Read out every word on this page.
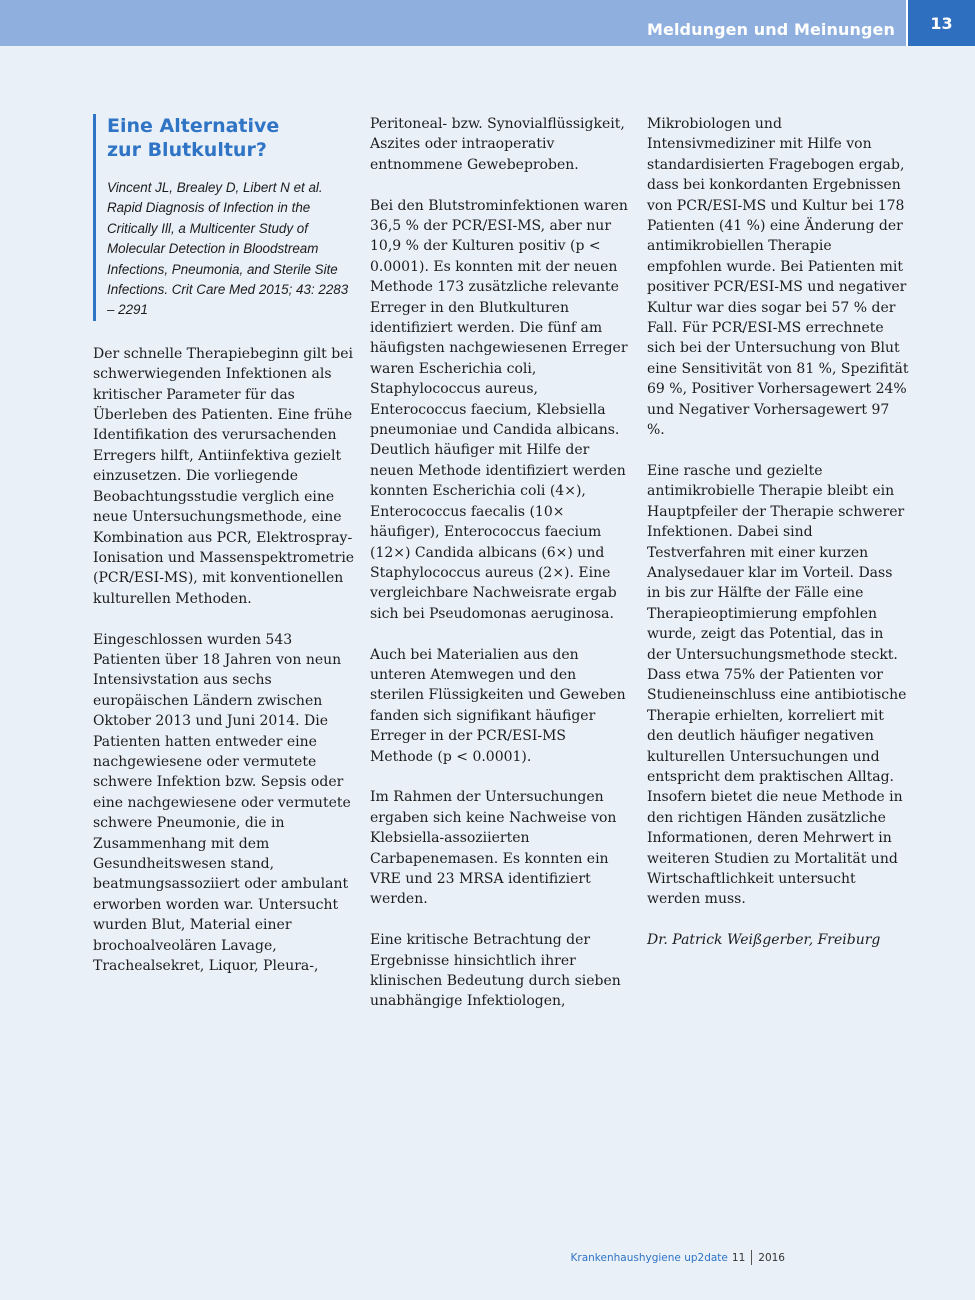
Meldungen und Meinungen	13
Eine Alternative
zur Blutkultur?
Vincent JL, Brealey D, Libert N et al. Rapid Diagnosis of Infection in the Critically Ill, a Multicenter Study of Molecular Detection in Bloodstream Infections, Pneumonia, and Sterile Site Infections. Crit Care Med 2015; 43: 2283 – 2291

Der schnelle Therapiebeginn gilt bei schwerwiegenden Infektionen als kritischer Parameter für das Überleben des Patienten. Eine frühe Identifikation des verursachenden Erregers hilft, Antiinfektiva gezielt einzusetzen. Die vorliegende Beobachtungsstudie verglich eine neue Untersuchungsmethode, eine Kombination aus PCR, Elektrospray-Ionisation und Massenspektrometrie (PCR/ESI-MS), mit konventionellen kulturellen Methoden.

Eingeschlossen wurden 543 Patienten über 18 Jahren von neun Intensivstation aus sechs europäischen Ländern zwischen Oktober 2013 und Juni 2014. Die Patienten hatten entweder eine nachgewiesene oder vermutete schwere Infektion bzw. Sepsis oder eine nachgewiesene oder vermutete schwere Pneumonie, die in Zusammenhang mit dem Gesundheitswesen stand, beatmungsassoziiert oder ambulant erworben worden war. Untersucht wurden Blut, Material einer brochoalveolären Lavage, Trachealsekret, Liquor, Pleura-,

Peritoneal- bzw. Synovialflüssigkeit, Aszites oder intraoperativ entnommene Gewebeproben.

Bei den Blutstrominfektionen waren 36,5 % der PCR/ESI-MS, aber nur 10,9 % der Kulturen positiv (p < 0.0001). Es konnten mit der neuen Methode 173 zusätzliche relevante Erreger in den Blutkulturen identifiziert werden. Die fünf am häufigsten nachgewiesenen Erreger waren Escherichia coli, Staphylococcus aureus, Enterococcus faecium, Klebsiella pneumoniae und Candida albicans. Deutlich häufiger mit Hilfe der neuen Methode identifiziert werden konnten Escherichia coli (4×), Enterococcus faecalis (10× häufiger), Enterococcus faecium (12×) Candida albicans (6×) und Staphylococcus aureus (2×). Eine vergleichbare Nachweisrate ergab sich bei Pseudomonas aeruginosa.

Auch bei Materialien aus den unteren Atemwegen und den sterilen Flüssigkeiten und Geweben fanden sich signifikant häufiger Erreger in der PCR/ESI-MS Methode (p < 0.0001).

Im Rahmen der Untersuchungen ergaben sich keine Nachweise von Klebsiella-assoziierten Carbapenemasen. Es konnten ein VRE und 23 MRSA identifiziert werden.

Eine kritische Betrachtung der Ergebnisse hinsichtlich ihrer klinischen Bedeutung durch sieben unabhängige Infektiologen,

Mikrobiologen und Intensivmediziner mit Hilfe von standardisierten Fragebogen ergab, dass bei konkordanten Ergebnissen von PCR/ESI-MS und Kultur bei 178 Patienten (41 %) eine Änderung der antimikrobiellen Therapie empfohlen wurde. Bei Patienten mit positiver PCR/ESI-MS und negativer Kultur war dies sogar bei 57 % der Fall. Für PCR/ESI-MS errechnete sich bei der Untersuchung von Blut eine Sensitivität von 81 %, Spezifität 69 %, Positiver Vorhersagewert 24% und Negativer Vorhersagewert 97 %.

Eine rasche und gezielte antimikrobielle Therapie bleibt ein Hauptpfeiler der Therapie schwerer Infektionen. Dabei sind Testverfahren mit einer kurzen Analysedauer klar im Vorteil. Dass in bis zur Hälfte der Fälle eine Therapieoptimierung empfohlen wurde, zeigt das Potential, das in der Untersuchungsmethode steckt. Dass etwa 75% der Patienten vor Studieneinschluss eine antibiotische Therapie erhielten, korreliert mit den deutlich häufiger negativen kulturellen Untersuchungen und entspricht dem praktischen Alltag. Insofern bietet die neue Methode in den richtigen Händen zusätzliche Informationen, deren Mehrwert in weiteren Studien zu Mortalität und Wirtschaftlichkeit untersucht werden muss.

Dr. Patrick Weißgerber, Freiburg

Krankenhaushygiene up2date 11 2016
